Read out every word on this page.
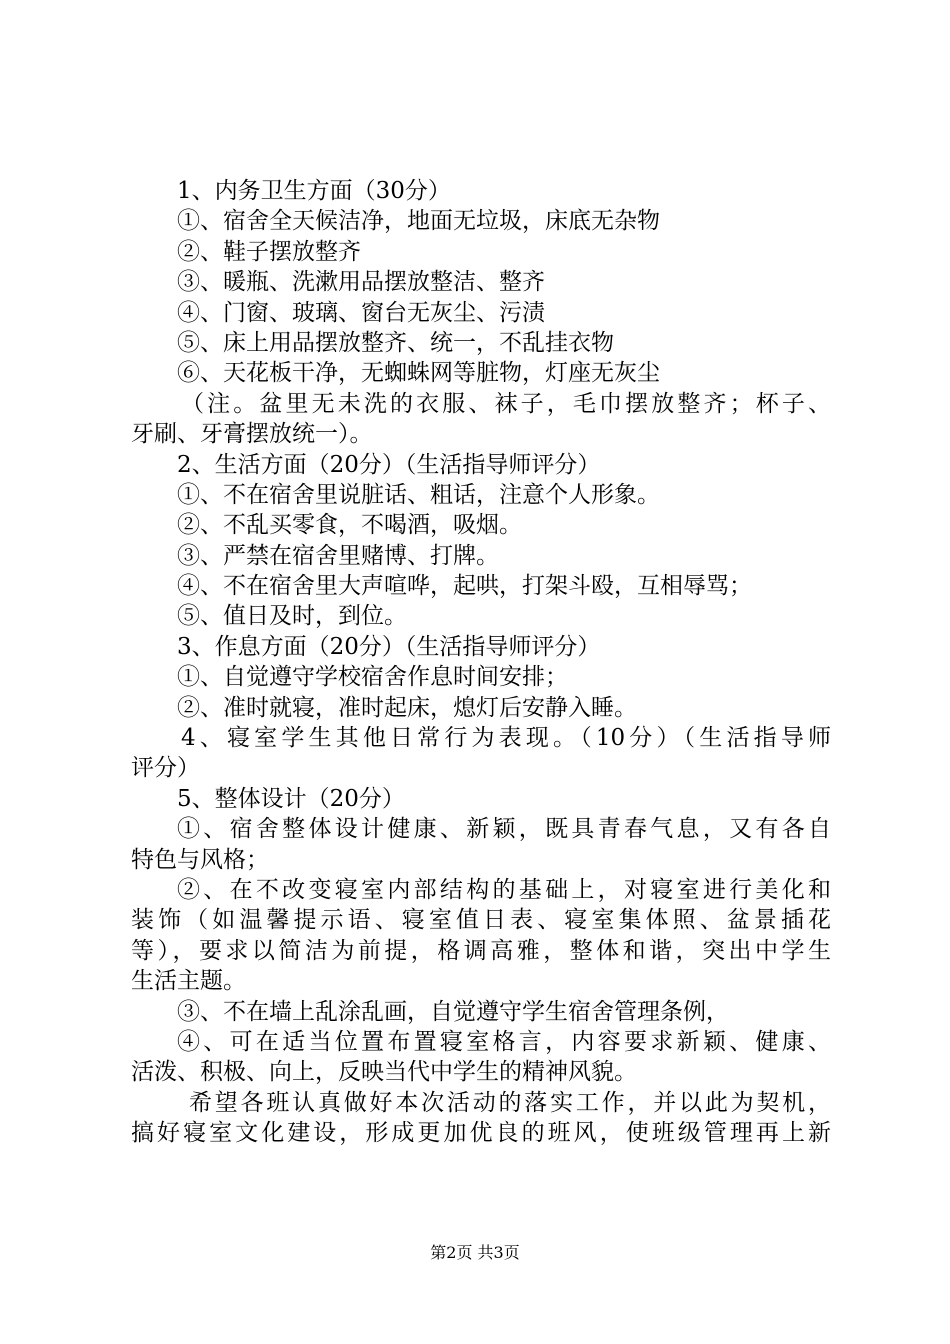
1、内务卫生方面（30分）
①、宿舍全天候洁净，地面无垃圾，床底无杂物
②、鞋子摆放整齐
③、暖瓶、洗漱用品摆放整洁、整齐
④、门窗、玻璃、窗台无灰尘、污渍
⑤、床上用品摆放整齐、统一，不乱挂衣物
⑥、天花板干净，无蜘蛛网等脏物，灯座无灰尘
（注。盆里无未洗的衣服、袜子，毛巾摆放整齐；杯子、
牙刷、牙膏摆放统一）。
2、生活方面（20分）（生活指导师评分）
①、不在宿舍里说脏话、粗话，注意个人形象。
②、不乱买零食，不喝酒，吸烟。
③、严禁在宿舍里赌博、打牌。
④、不在宿舍里大声喧哗，起哄，打架斗殴，互相辱骂；
⑤、值日及时，到位。
3、作息方面（20分）（生活指导师评分）
①、自觉遵守学校宿舍作息时间安排；
②、准时就寝，准时起床，熄灯后安静入睡。
4、寝室学生其他日常行为表现。（10分）（生活指导师
评分）
5、整体设计（20分）
①、宿舍整体设计健康、新颖，既具青春气息，又有各自
特色与风格；
②、在不改变寝室内部结构的基础上，对寝室进行美化和
装饰（如温馨提示语、寝室值日表、寝室集体照、盆景插花
等），要求以简洁为前提，格调高雅，整体和谐，突出中学生
生活主题。
③、不在墙上乱涂乱画，自觉遵守学生宿舍管理条例，
④、可在适当位置布置寝室格言，内容要求新颖、健康、
活泼、积极、向上，反映当代中学生的精神风貌。
希望各班认真做好本次活动的落实工作，并以此为契机，
搞好寝室文化建设，形成更加优良的班风，使班级管理再上新
第2页 共3页
